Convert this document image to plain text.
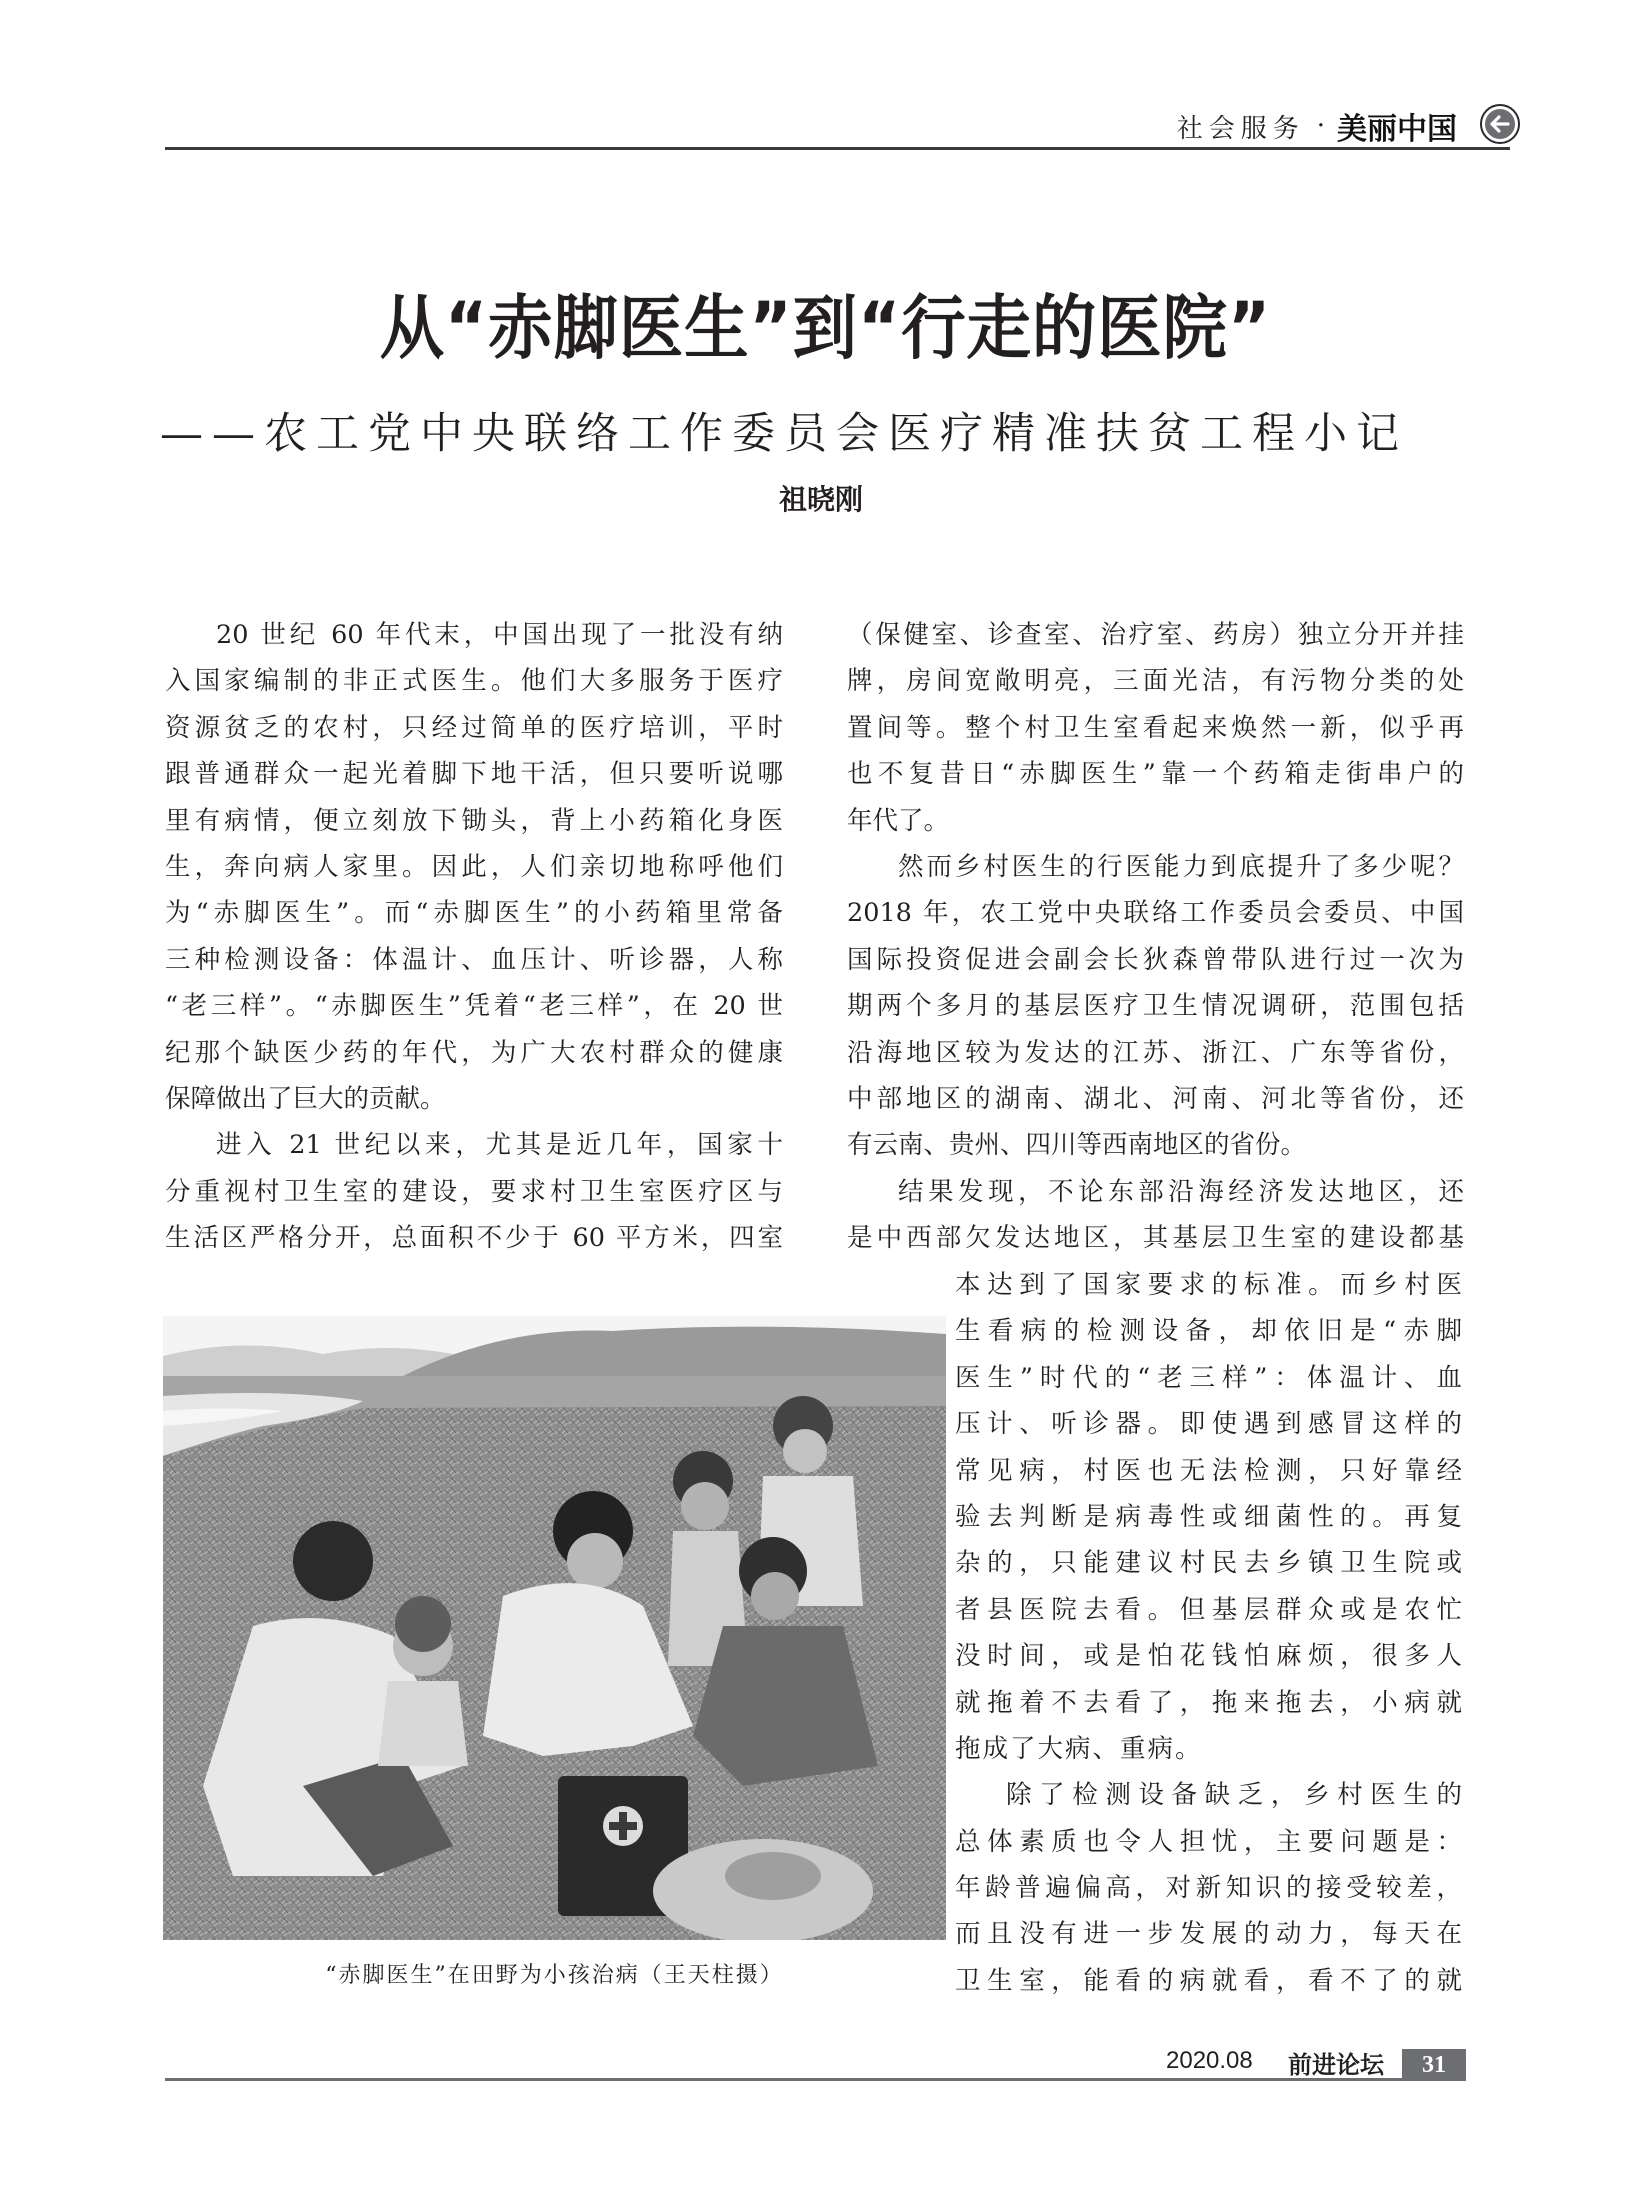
社会服务 · 美丽中国
从“赤脚医生”到“行走的医院”
——农工党中央联络工作委员会医疗精准扶贫工程小记
祖晓刚
20 世纪 60 年代末，中国出现了一批没有纳
入国家编制的非正式医生。他们大多服务于医疗
资源贫乏的农村，只经过简单的医疗培训，平时
跟普通群众一起光着脚下地干活，但只要听说哪
里有病情，便立刻放下锄头，背上小药箱化身医
生，奔向病人家里。因此，人们亲切地称呼他们
为“赤脚医生”。而“赤脚医生”的小药箱里常备
三种检测设备：体温计、血压计、听诊器，人称
“老三样”。“赤脚医生”凭着“老三样”，在 20 世
纪那个缺医少药的年代，为广大农村群众的健康
保障做出了巨大的贡献。
进入 21 世纪以来，尤其是近几年，国家十
分重视村卫生室的建设，要求村卫生室医疗区与
生活区严格分开，总面积不少于 60 平方米，四室
（保健室、诊查室、治疗室、药房）独立分开并挂
牌，房间宽敞明亮，三面光洁，有污物分类的处
置间等。整个村卫生室看起来焕然一新，似乎再
也不复昔日“赤脚医生”靠一个药箱走街串户的
年代了。
然而乡村医生的行医能力到底提升了多少呢？
2018 年，农工党中央联络工作委员会委员、中国
国际投资促进会副会长狄森曾带队进行过一次为
期两个多月的基层医疗卫生情况调研，范围包括
沿海地区较为发达的江苏、浙江、广东等省份，
中部地区的湖南、湖北、河南、河北等省份，还
有云南、贵州、四川等西南地区的省份。
结果发现，不论东部沿海经济发达地区，还
是中西部欠发达地区，其基层卫生室的建设都基
本达到了国家要求的标准。而乡村医
生看病的检测设备，却依旧是“赤脚
医生”时代的“老三样”：体温计、血
压计、听诊器。即使遇到感冒这样的
常见病，村医也无法检测，只好靠经
验去判断是病毒性或细菌性的。再复
杂的，只能建议村民去乡镇卫生院或
者县医院去看。但基层群众或是农忙
没时间，或是怕花钱怕麻烦，很多人
就拖着不去看了，拖来拖去，小病就
拖成了大病、重病。
除了检测设备缺乏，乡村医生的
总体素质也令人担忧，主要问题是：
年龄普遍偏高，对新知识的接受较差，
而且没有进一步发展的动力，每天在
卫生室，能看的病就看，看不了的就
“赤脚医生”在田野为小孩治病（王天柱摄）
2020.08 前进论坛	31
